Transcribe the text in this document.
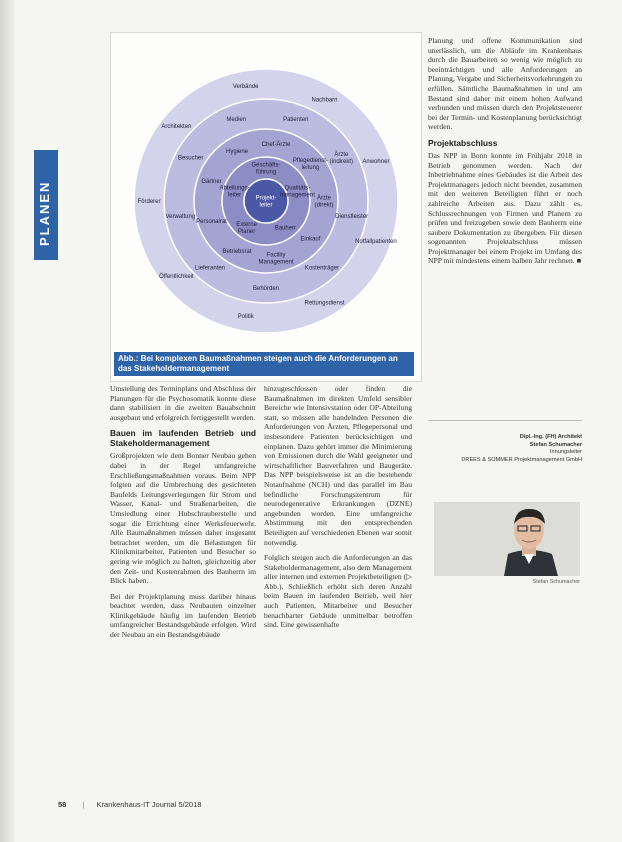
PLANEN	Projekt-leiter
Geschäfts-führung
Qualitäts-management
Bauherr
Externe Planer
Abteilungs-leiter
Chef-Ärzte
Pflegedienst-leitung
Ärzte (direkt)
Einkauf
Facility Management
Betriebsrat
Personalrat
Gärtner
Hygiene
Patienten
Ärzte (indirekt)
Dienstleister
Kostenträger
Behörden
Lieferanten
Verwaltung
Besucher
Medien
Nachbarn
Anwohner
Notfallpatienten
Rettungsdienst
Politik
Öffentlichkeit
Förderer
Architekten
Verbände
Abb.: Bei komplexen Baumaßnahmen steigen auch die Anforderungen an das Stakeholdermanagement

Umstellung des Terminplans und Abschluss der Planungen für die Psychosomatik konnte diese dann stabilisiert in die zweiten Bauabschnitt ausgebaut und erfolgreich fertiggestellt werden.

Bauen im laufenden Betrieb und Stakeholdermanagement

Großprojekten wie dem Bonner Neubau gehen dabei in der Regel umfangreiche Erschließungsmaßnahmen voraus. Beim NPP folgten auf die Umbrechung des gesichteten Baufelds Leitungsverlegungen für Strom und Wasser, Kanal- und Straßenarbeiten, die Umsiedlung einer Hubschrauberstelle und sogar die Errichtung einer Werksfeuerwehr. Alle Baumaßnahmen müssen daher insgesamt betrachtet werden, um die Belastungen für Klinikmitarbeiter, Patienten und Besucher so gering wie möglich zu halten, gleichzeitig aber den Zeit- und Kostenrahmen des Bauherrn im Blick haben.

Bei der Projektplanung muss darüber hinaus beachtet werden, dass Neubauten einzelner Klinikgebäude häufig im laufenden Betrieb umfangreicher Bestandsgebäude erfolgen. Wird der Neubau an ein Bestandsgebäude

hinzugeschlossen oder finden die Baumaßnahmen im direkten Umfeld sensibler Bereiche wie Intensivstation oder OP-Abteilung statt, so müssen alle handelnden Personen die Anforderungen von Ärzten, Pflegepersonal und insbesondere Patienten berücksichtigen und einplanen. Dazu gehört immer die Minimierung von Emissionen durch die Wahl geeigneter und wirtschaftlicher Bauverfahren und Baugeräte. Das NPP beispielsweise ist an die bestehende Notaufnahme (NCH) und das parallel im Bau befindliche Forschungszentrum für neurodegenerative Erkrankungen (DZNE) angebunden worden. Eine umfangreiche Abstimmung mit den entsprechenden Beteiligten auf verschiedenen Ebenen war somit notwendig.

Folglich steigen auch die Anforderungen an das Stakeholdermanagement, also dem Management aller internen und externen Projektbeteiligten (▷ Abb.). Schließlich erhöht sich deren Anzahl beim Bauen im laufenden Betrieb, weil hier auch Patienten, Mitarbeiter und Besucher benachbarter Gebäude unmittelbar betroffen sind. Eine gewissenhafte

Planung und offene Kommunikation sind unerlässlich, um die Abläufe im Krankenhaus durch die Bauarbeiten so wenig wie möglich zu beeinträchtigen und alle Anforderungen an Planung, Vergabe und Sicherheitsvorkehrungen zu erfüllen. Sämtliche Baumaßnahmen in und am Bestand sind daher mit einem hohen Aufwand verbunden und müssen durch den Projektsteuerer bei der Termin- und Kostenplanung berücksichtigt werden.

Projektabschluss

Das NPP in Bonn konnte im Frühjahr 2018 in Betrieb genommen werden. Nach der Inbetriebnahme eines Gebäudes ist die Arbeit des Projektmanagers jedoch nicht beendet, zusammen mit den weiteren Beteiligten führt er noch zahlreiche Arbeiten aus. Dazu zählt es, Schlussrechnungen von Firmen und Planern zu prüfen und freizugeben sowie dem Bauherrn eine saubere Dokumentation zu übergeben. Für diesen sogenannten Projektabschluss müssen Projektmanager bei einem Projekt im Umfang des NPP mit mindestens einem halben Jahr rechnen. ■

Dipl.-Ing. (FH) Architekt
Stefan Schumacher
Innungsleiter
DREES & SOMMER Projektmanagement GmbH
Stefan Schumacher
58 | Krankenhaus-IT Journal 5/2018
